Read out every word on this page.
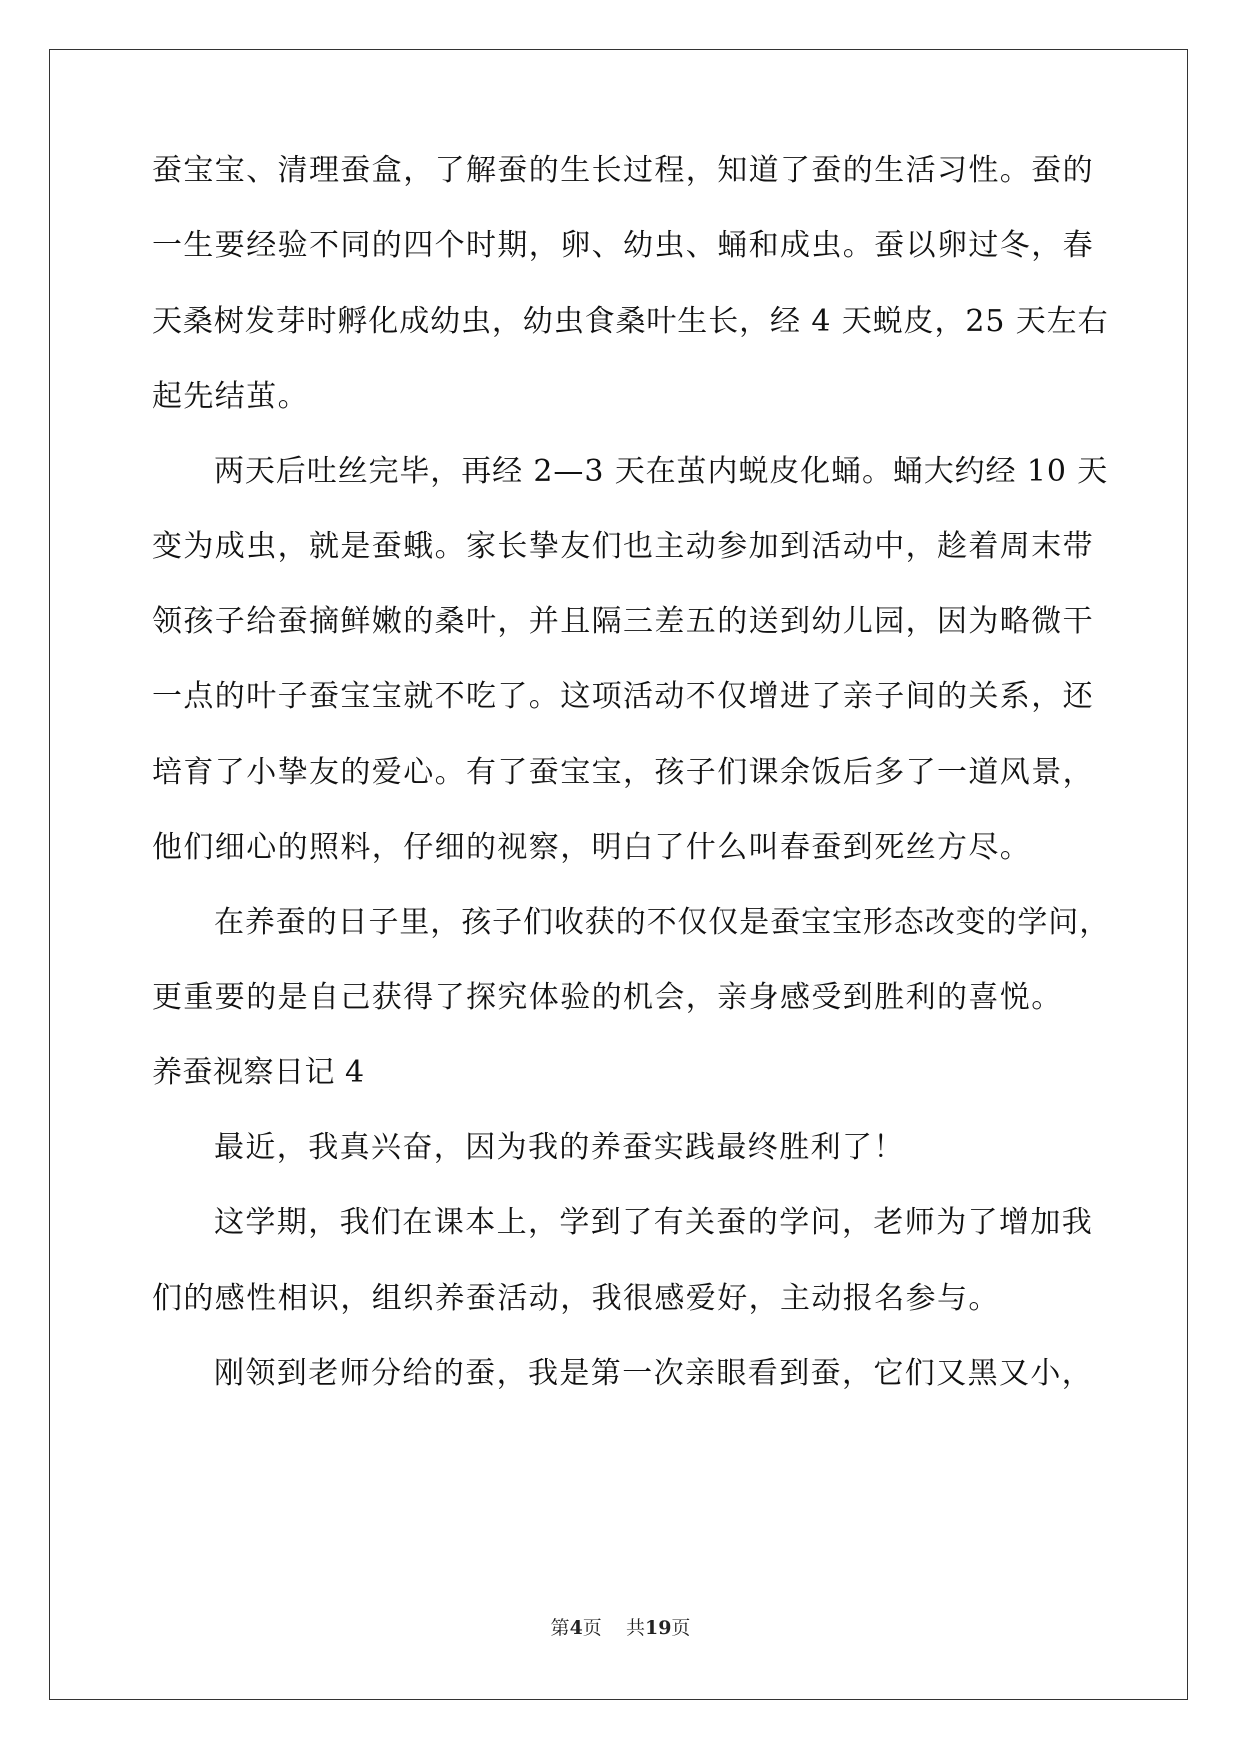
蚕宝宝、清理蚕盒，了解蚕的生长过程，知道了蚕的生活习性。蚕的

一生要经验不同的四个时期，卵、幼虫、蛹和成虫。蚕以卵过冬，春

天桑树发芽时孵化成幼虫，幼虫食桑叶生长，经 4 天蜕皮，25 天左右

起先结茧。

两天后吐丝完毕，再经 2—3 天在茧内蜕皮化蛹。蛹大约经 10 天

变为成虫，就是蚕蛾。家长挚友们也主动参加到活动中，趁着周末带

领孩子给蚕摘鲜嫩的桑叶，并且隔三差五的送到幼儿园，因为略微干

一点的叶子蚕宝宝就不吃了。这项活动不仅增进了亲子间的关系，还

培育了小挚友的爱心。有了蚕宝宝，孩子们课余饭后多了一道风景，

他们细心的照料，仔细的视察，明白了什么叫春蚕到死丝方尽。

在养蚕的日子里，孩子们收获的不仅仅是蚕宝宝形态改变的学问，

更重要的是自己获得了探究体验的机会，亲身感受到胜利的喜悦。

养蚕视察日记 4

最近，我真兴奋，因为我的养蚕实践最终胜利了！

这学期，我们在课本上，学到了有关蚕的学问，老师为了增加我

们的感性相识，组织养蚕活动，我很感爱好，主动报名参与。

刚领到老师分给的蚕，我是第一次亲眼看到蚕，它们又黑又小，

第4页    共19页
